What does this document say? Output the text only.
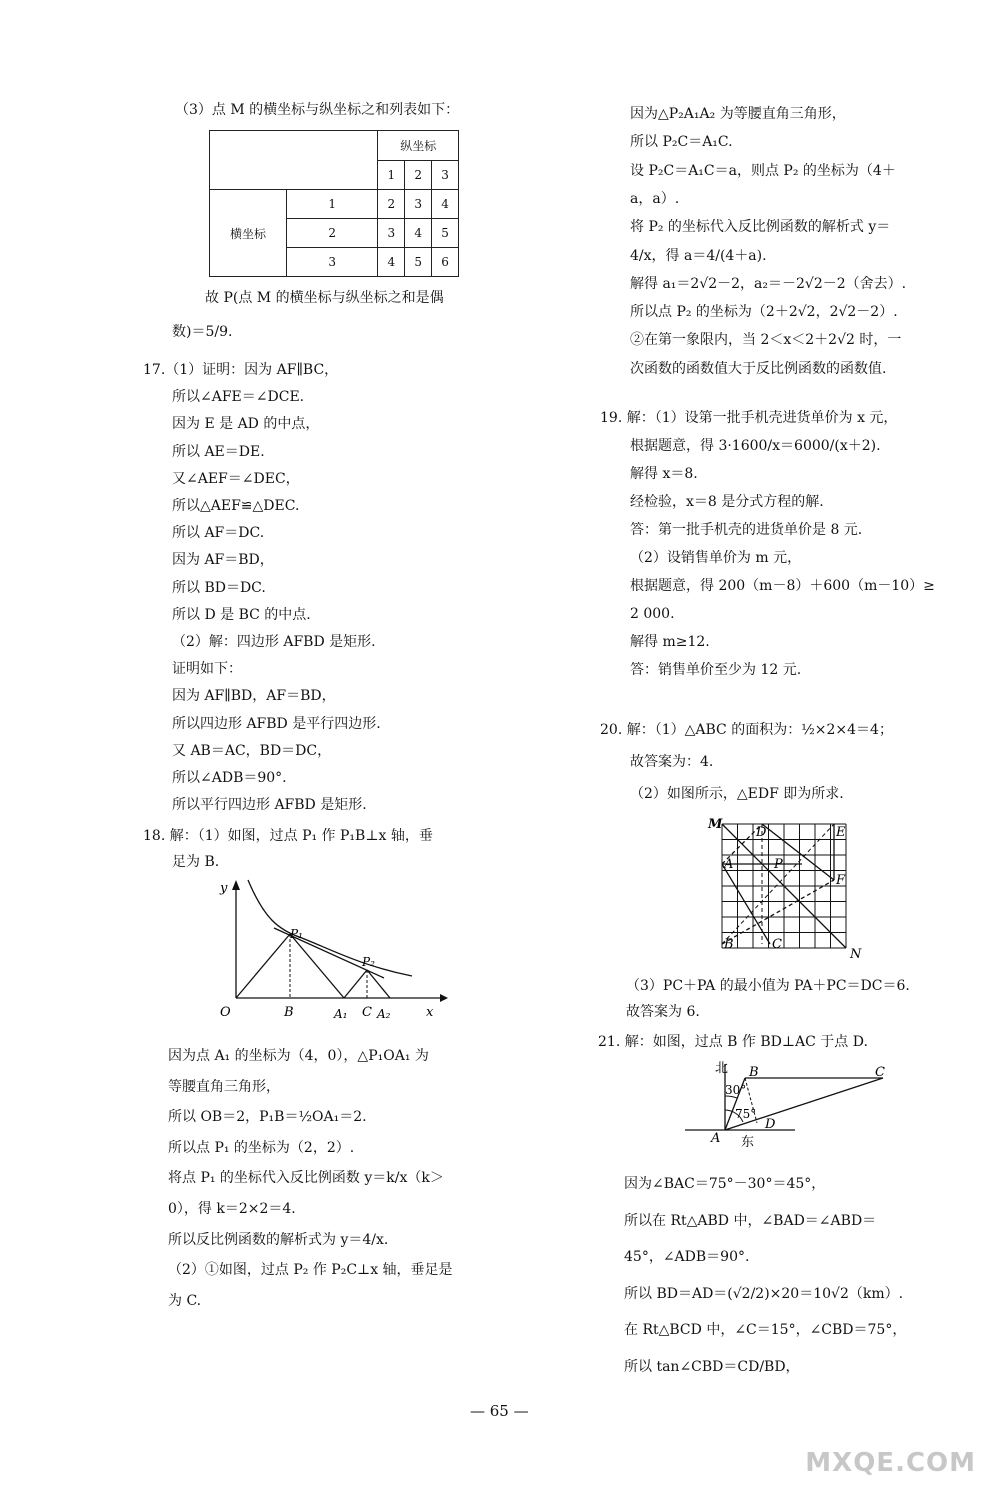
（3）点 M 的横坐标与纵坐标之和列表如下：
		纵坐标		
		1	2	3
横坐标	1	2	3	4
	2	3	4	5
	3	4	5	6
故 P(点 M 的横坐标与纵坐标之和是偶
数)＝5/9.
17.（1）证明：因为 AF∥BC，
所以∠AFE＝∠DCE.
因为 E 是 AD 的中点，
所以 AE＝DE.
又∠AEF＝∠DEC，
所以△AEF≌△DEC.
所以 AF＝DC.
因为 AF＝BD，
所以 BD＝DC.
所以 D 是 BC 的中点.
（2）解：四边形 AFBD 是矩形.
证明如下：
因为 AF∥BD，AF＝BD，
所以四边形 AFBD 是平行四边形.
又 AB＝AC，BD＝DC，
所以∠ADB＝90°.
所以平行四边形 AFBD 是矩形.
18. 解：（1）如图，过点 P₁ 作 P₁B⊥x 轴，垂
足为 B.
y
O	B
P₁
P₂
A₁ C A₂	x
因为点 A₁ 的坐标为（4，0），△P₁OA₁ 为
等腰直角三角形，
所以 OB＝2，P₁B＝½OA₁＝2.
所以点 P₁ 的坐标为（2，2）.
将点 P₁ 的坐标代入反比例函数 y＝k/x（k＞
0），得 k＝2×2＝4.
所以反比例函数的解析式为 y＝4/x.
（2）①如图，过点 P₂ 作 P₂C⊥x 轴，垂足是
为 C.
因为△P₂A₁A₂ 为等腰直角三角形，
所以 P₂C＝A₁C.
设 P₂C＝A₁C＝a，则点 P₂ 的坐标为（4＋
a，a）.
将 P₂ 的坐标代入反比例函数的解析式 y＝
4/x，得 a＝4/(4＋a).
解得 a₁＝2√2－2，a₂＝－2√2－2（舍去）.
所以点 P₂ 的坐标为（2＋2√2，2√2－2）.
②在第一象限内，当 2＜x＜2＋2√2 时，一
次函数的函数值大于反比例函数的函数值.
19. 解：（1）设第一批手机壳进货单价为 x 元，
根据题意，得 3·1600/x＝6000/(x＋2).
解得 x＝8.
经检验，x＝8 是分式方程的解.
答：第一批手机壳的进货单价是 8 元.
（2）设销售单价为 m 元，
根据题意，得 200（m－8）＋600（m－10）≥
2 000.
解得 m≥12.
答：销售单价至少为 12 元.
20. 解：（1）△ABC 的面积为：½×2×4＝4；
故答案为：4.
（2）如图所示，△EDF 即为所求.
M
D	E
A	P
F
B	C
N
（3）PC＋PA 的最小值为 PA＋PC＝DC＝6.
故答案为 6.
21. 解：如图，过点 B 作 BD⊥AC 于点 D.
北 B	C
30°
75°
D
A 东
因为∠BAC＝75°－30°＝45°，
所以在 Rt△ABD 中，∠BAD＝∠ABD＝
45°，∠ADB＝90°.
所以 BD＝AD＝(√2/2)×20＝10√2（km）.
在 Rt△BCD 中，∠C＝15°，∠CBD＝75°，
所以 tan∠CBD＝CD/BD，
— 65 —
MXQE.COM
